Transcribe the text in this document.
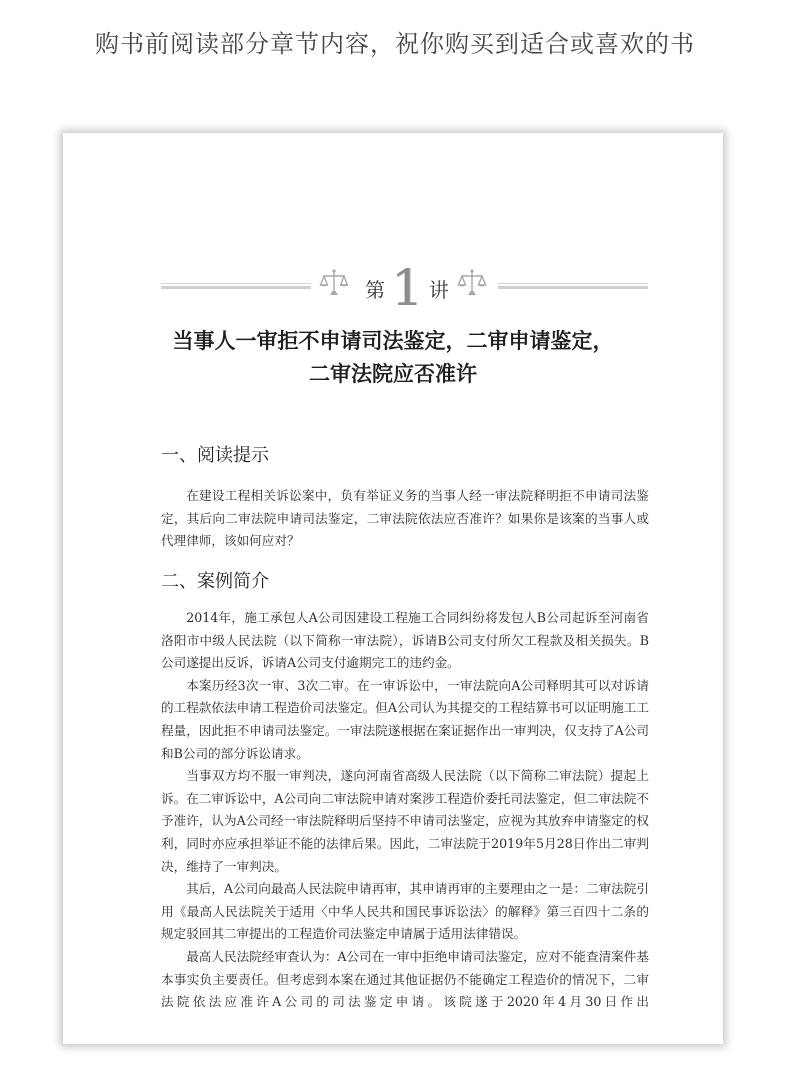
购书前阅读部分章节内容，祝你购买到适合或喜欢的书
第 1 讲
当事人一审拒不申请司法鉴定，二审申请鉴定，
二审法院应否准许
一、阅读提示

在建设工程相关诉讼案中，负有举证义务的当事人经一审法院释明拒不申请司法鉴定，其后向二审法院申请司法鉴定，二审法院依法应否准许？如果你是该案的当事人或代理律师，该如何应对？

二、案例简介

2014年，施工承包人A公司因建设工程施工合同纠纷将发包人B公司起诉至河南省洛阳市中级人民法院（以下简称一审法院），诉请B公司支付所欠工程款及相关损失。B公司遂提出反诉，诉请A公司支付逾期完工的违约金。

本案历经3次一审、3次二审。在一审诉讼中，一审法院向A公司释明其可以对诉请的工程款依法申请工程造价司法鉴定。但A公司认为其提交的工程结算书可以证明施工工程量，因此拒不申请司法鉴定。一审法院遂根据在案证据作出一审判决，仅支持了A公司和B公司的部分诉讼请求。

当事双方均不服一审判决，遂向河南省高级人民法院（以下简称二审法院）提起上诉。在二审诉讼中，A公司向二审法院申请对案涉工程造价委托司法鉴定，但二审法院不予准许，认为A公司经一审法院释明后坚持不申请司法鉴定，应视为其放弃申请鉴定的权利，同时亦应承担举证不能的法律后果。因此，二审法院于2019年5月28日作出二审判决，维持了一审判决。

其后，A公司向最高人民法院申请再审，其申请再审的主要理由之一是：二审法院引用《最高人民法院关于适用〈中华人民共和国民事诉讼法〉的解释》第三百四十二条的规定驳回其二审提出的工程造价司法鉴定申请属于适用法律错误。

最高人民法院经审查认为：A公司在一审中拒绝申请司法鉴定，应对不能查清案件基本事实负主要责任。但考虑到本案在通过其他证据仍不能确定工程造价的情况下，二审法院依法应准许A公司的司法鉴定申请。该院遂于2020年4月30日作出
